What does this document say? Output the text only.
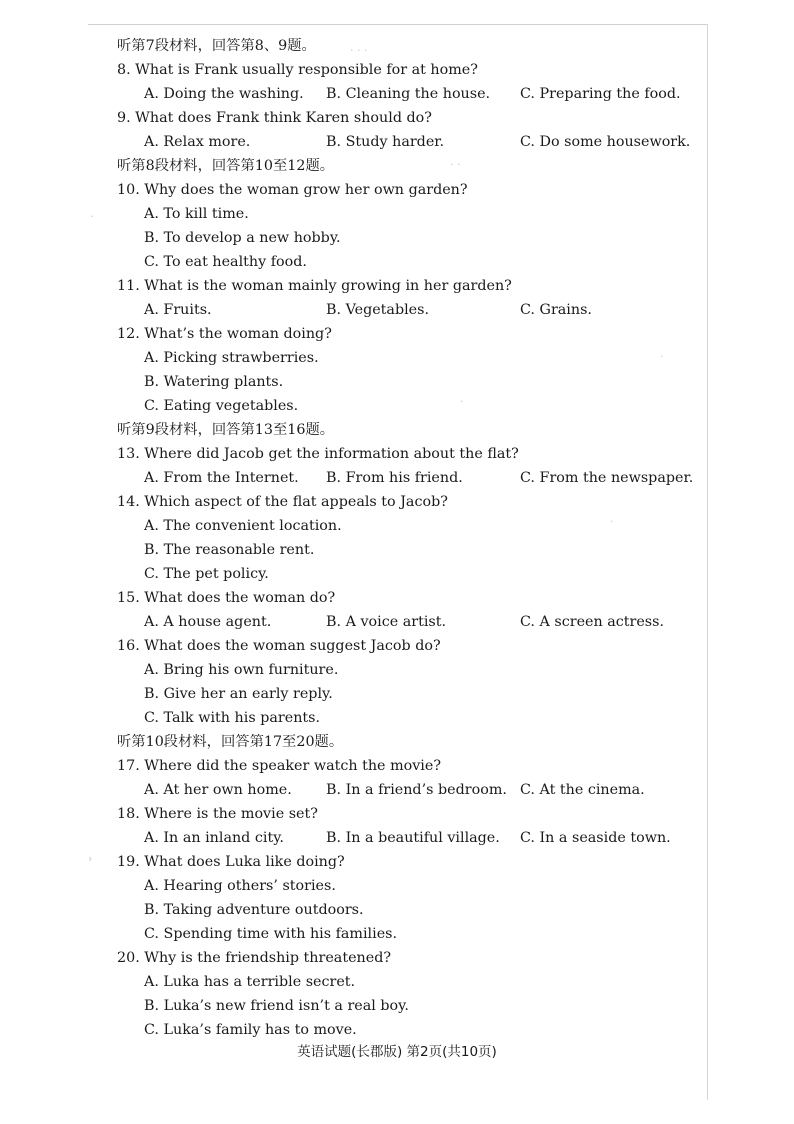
听第7段材料，回答第8、9题。
8. What is Frank usually responsible for at home?
A. Doing the washing. B. Cleaning the house. C. Preparing the food.
9. What does Frank think Karen should do?
A. Relax more.	B. Study harder.	C. Do some housework.
听第8段材料，回答第10至12题。
10. Why does the woman grow her own garden?
A. To kill time.
B. To develop a new hobby.
C. To eat healthy food.
11. What is the woman mainly growing in her garden?
A. Fruits.	B. Vegetables.	C. Grains.
12. What’s the woman doing?
A. Picking strawberries.
B. Watering plants.
C. Eating vegetables.
听第9段材料，回答第13至16题。
13. Where did Jacob get the information about the flat?
A. From the Internet. B. From his friend.	C. From the newspaper.
14. Which aspect of the flat appeals to Jacob?
A. The convenient location.
B. The reasonable rent.
C. The pet policy.
15. What does the woman do?
A. A house agent.	B. A voice artist.	C. A screen actress.
16. What does the woman suggest Jacob do?
A. Bring his own furniture.
B. Give her an early reply.
C. Talk with his parents.
听第10段材料，回答第17至20题。
17. Where did the speaker watch the movie?
A. At her own home. B. In a friend’s bedroom. C. At the cinema.
18. Where is the movie set?
A. In an inland city.	B. In a beautiful village. C. In a seaside town.
19. What does Luka like doing?
A. Hearing others’ stories.
B. Taking adventure outdoors.
C. Spending time with his families.
20. Why is the friendship threatened?
A. Luka has a terrible secret.
B. Luka’s new friend isn’t a real boy.
C. Luka’s family has to move.
英语试题(长郡版) 第2页(共10页)
· · ·
· ·
·
·
·
·
›
